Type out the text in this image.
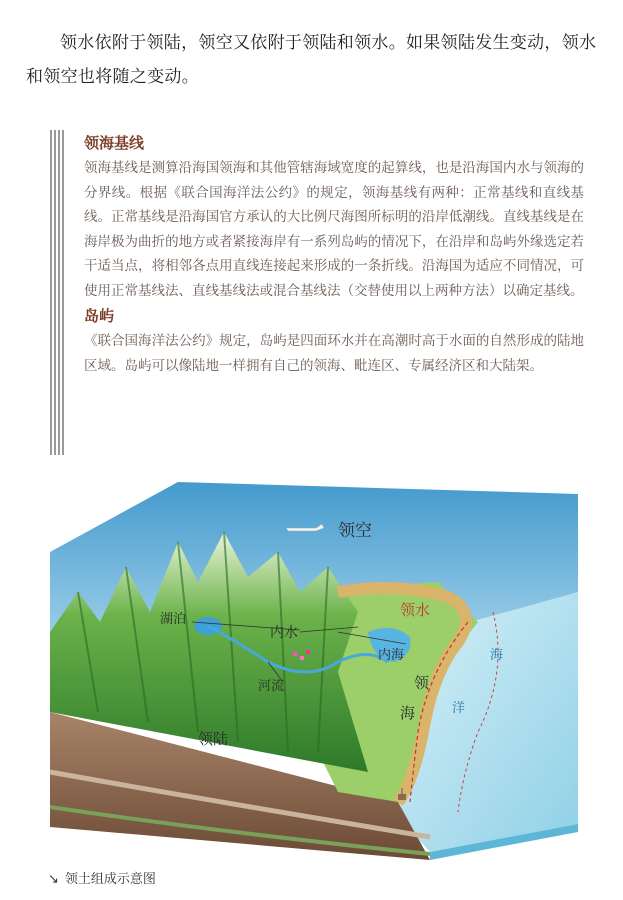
领水依附于领陆，领空又依附于领陆和领水。如果领陆发生变动，领水和领空也将随之变动。
领海基线

领海基线是测算沿海国领海和其他管辖海域宽度的起算线，也是沿海国内水与领海的分界线。根据《联合国海洋法公约》的规定，领海基线有两种：正常基线和直线基线。正常基线是沿海国官方承认的大比例尺海图所标明的沿岸低潮线。直线基线是在海岸极为曲折的地方或者紧接海岸有一系列岛屿的情况下，在沿岸和岛屿外缘选定若干适当点，将相邻各点用直线连接起来形成的一条折线。沿海国为适应不同情况，可使用正常基线法、直线基线法或混合基线法（交替使用以上两种方法）以确定基线。

岛屿

《联合国海洋法公约》规定，岛屿是四面环水并在高潮时高于水面的自然形成的陆地区域。岛屿可以像陆地一样拥有自己的领海、毗连区、专属经济区和大陆架。

领空
领水
湖泊
内水
内海
河流	领
海
海
洋
领陆
↘ 领土组成示意图
